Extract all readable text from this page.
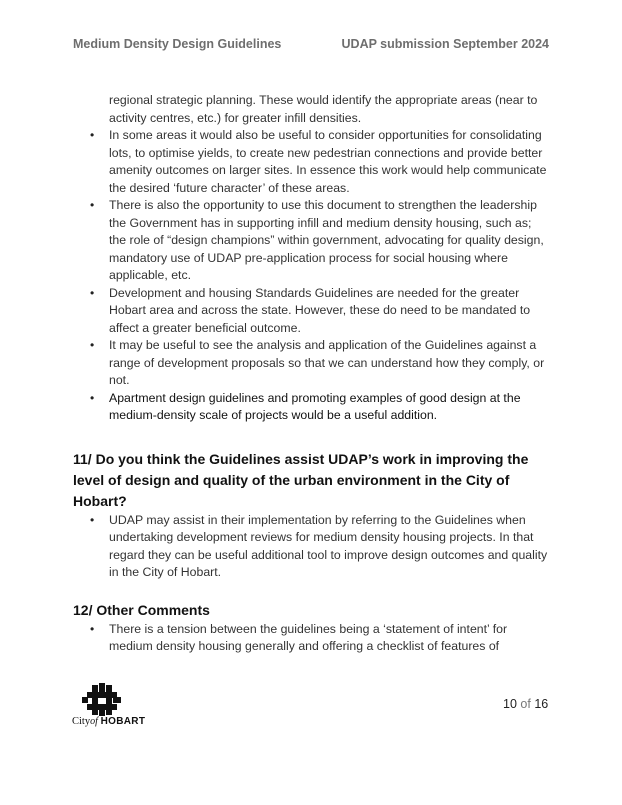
Medium Density Design Guidelines	UDAP submission September 2024
regional strategic planning. These would identify the appropriate areas (near to activity centres, etc.) for greater infill densities.
• In some areas it would also be useful to consider opportunities for consolidating lots, to optimise yields, to create new pedestrian connections and provide better amenity outcomes on larger sites. In essence this work would help communicate the desired ‘future character’ of these areas.
• There is also the opportunity to use this document to strengthen the leadership the Government has in supporting infill and medium density housing, such as; the role of “design champions” within government, advocating for quality design, mandatory use of UDAP pre-application process for social housing where applicable, etc.
• Development and housing Standards Guidelines are needed for the greater Hobart area and across the state. However, these do need to be mandated to affect a greater beneficial outcome.
• It may be useful to see the analysis and application of the Guidelines against a range of development proposals so that we can understand how they comply, or not.
• Apartment design guidelines and promoting examples of good design at the medium-density scale of projects would be a useful addition.
11/ Do you think the Guidelines assist UDAP’s work in improving the level of design and quality of the urban environment in the City of Hobart?
• UDAP may assist in their implementation by referring to the Guidelines when undertaking development reviews for medium density housing projects. In that regard they can be useful additional tool to improve design outcomes and quality in the City of Hobart.
12/ Other Comments
• There is a tension between the guidelines being a ‘statement of intent’ for medium density housing generally and offering a checklist of features of
Cityof HOBART
10 of 16
